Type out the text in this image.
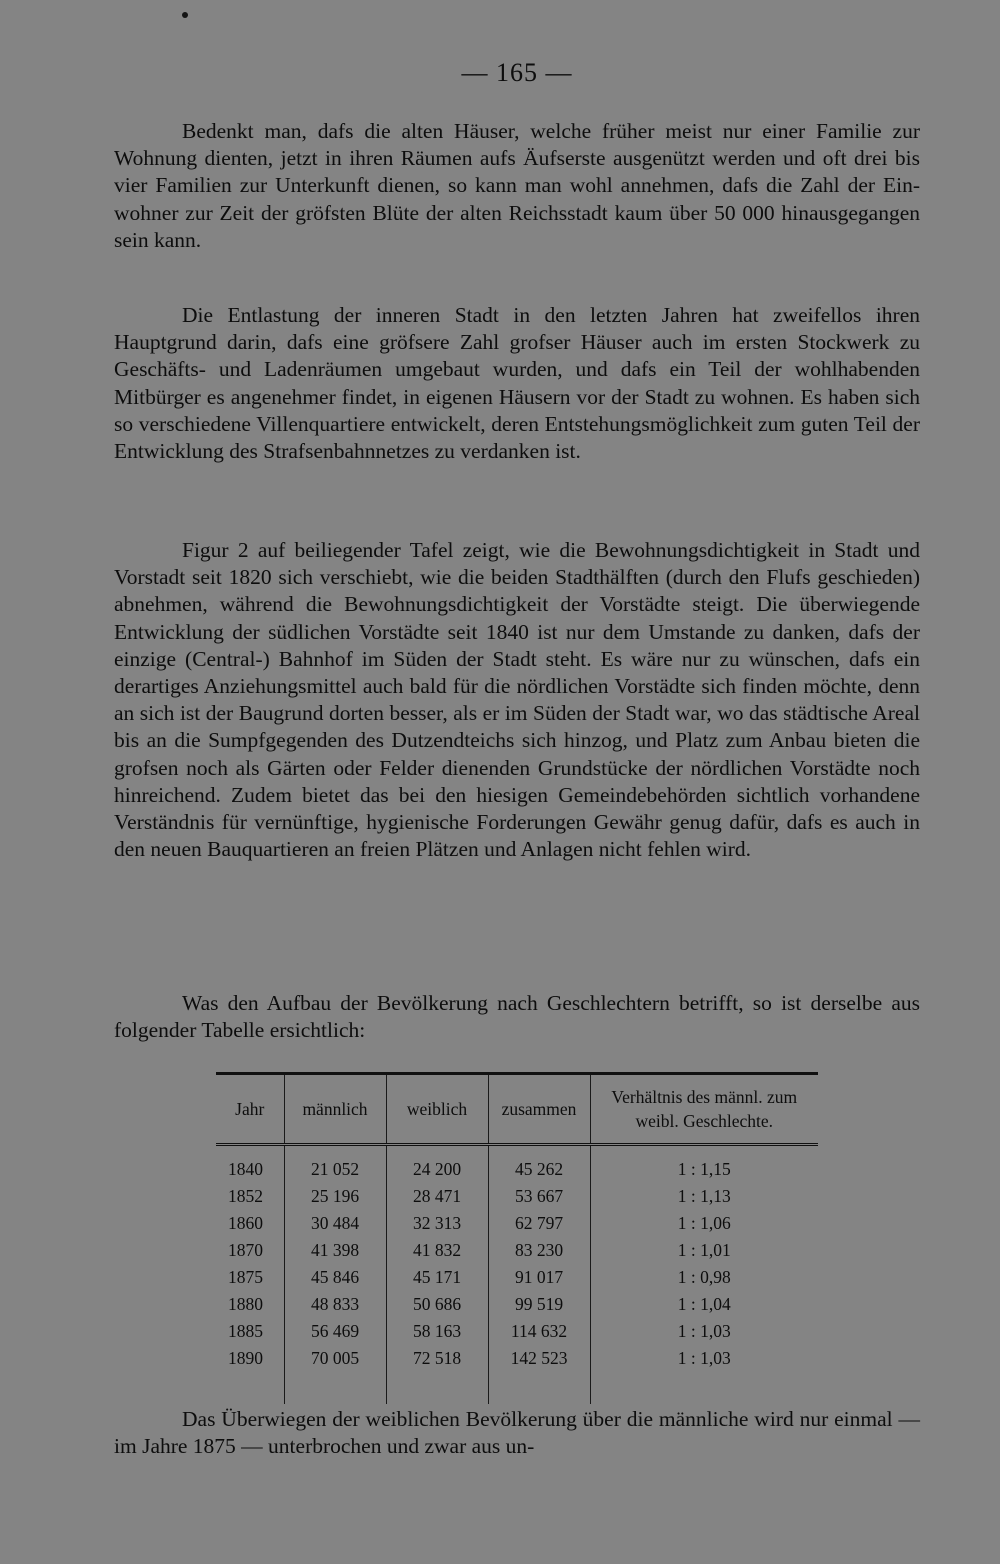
— 165 —

Bedenkt man, dafs die alten Häuser, welche früher meist nur einer Familie zur Wohnung dienten, jetzt in ihren Räumen aufs Äufserste ausgenützt werden und oft drei bis vier Familien zur Unterkunft dienen, so kann man wohl annehmen, dafs die Zahl der Einwohner zur Zeit der gröfsten Blüte der alten Reichsstadt kaum über 50 000 hinausgegangen sein kann.

Die Entlastung der inneren Stadt in den letzten Jahren hat zweifellos ihren Hauptgrund darin, dafs eine gröfsere Zahl grofser Häuser auch im ersten Stockwerk zu Geschäfts- und Ladenräumen umgebaut wurden, und dafs ein Teil der wohlhabenden Mitbürger es angenehmer findet, in eigenen Häusern vor der Stadt zu wohnen. Es haben sich so verschiedene Villenquartiere entwickelt, deren Entstehungsmöglichkeit zum guten Teil der Entwicklung des Strafsenbahnnetzes zu verdanken ist.

Figur 2 auf beiliegender Tafel zeigt, wie die Bewohnungsdichtigkeit in Stadt und Vorstadt seit 1820 sich verschiebt, wie die beiden Stadthälften (durch den Flufs geschieden) abnehmen, während die Bewohnungsdichtigkeit der Vorstädte steigt. Die überwiegende Entwicklung der südlichen Vorstädte seit 1840 ist nur dem Umstande zu danken, dafs der einzige (Central-) Bahnhof im Süden der Stadt steht. Es wäre nur zu wünschen, dafs ein derartiges Anziehungsmittel auch bald für die nördlichen Vorstädte sich finden möchte, denn an sich ist der Baugrund dorten besser, als er im Süden der Stadt war, wo das städtische Areal bis an die Sumpfgegenden des Dutzendteichs sich hinzog, und Platz zum Anbau bieten die grofsen noch als Gärten oder Felder dienenden Grundstücke der nördlichen Vorstädte noch hinreichend. Zudem bietet das bei den hiesigen Gemeindebehörden sichtlich vorhandene Verständnis für vernünftige, hygienische Forderungen Gewähr genug dafür, dafs es auch in den neuen Bauquartieren an freien Plätzen und Anlagen nicht fehlen wird.

Was den Aufbau der Bevölkerung nach Geschlechtern betrifft, so ist derselbe aus folgender Tabelle ersichtlich:

Jahr	männlich	weiblich	zusammen	Verhältnis des männl. zum weibl. Geschlechte.
1840	21 052	24 200	45 262	1 : 1,15
1852	25 196	28 471	53 667	1 : 1,13
1860	30 484	32 313	62 797	1 : 1,06
1870	41 398	41 832	83 230	1 : 1,01
1875	45 846	45 171	91 017	1 : 0,98
1880	48 833	50 686	99 519	1 : 1,04
1885	56 469	58 163	114 632	1 : 1,03
1890	70 005	72 518	142 523	1 : 1,03

Das Überwiegen der weiblichen Bevölkerung über die männliche wird nur einmal — im Jahre 1875 — unterbrochen und zwar aus un-
